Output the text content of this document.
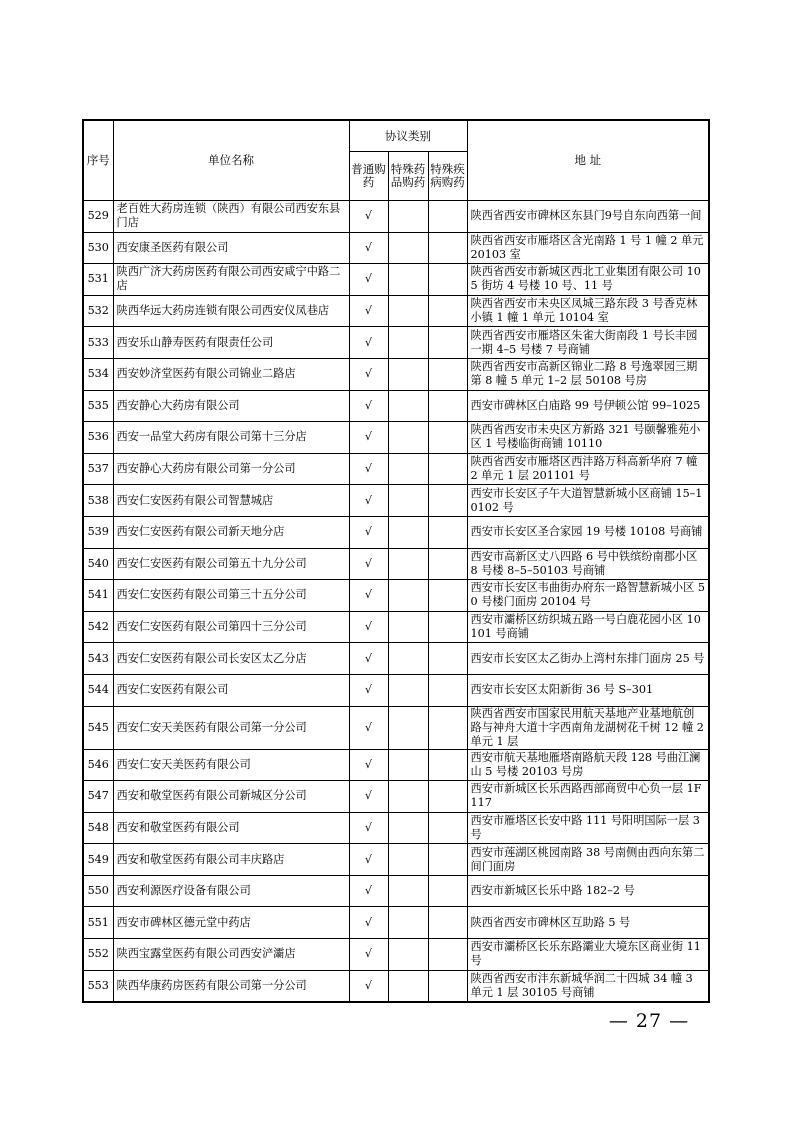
序号	单位名称	协议类别			地 址
		普通购药	特殊药品购药	特殊疾病购药	
529	老百姓大药房连锁（陕西）有限公司西安东县门店	√			陕西省西安市碑林区东县门9号自东向西第一间
530	西安康圣医药有限公司	√			陕西省西安市雁塔区含光南路 1 号 1 幢 2 单元 20103 室
531	陕西广济大药房医药有限公司西安咸宁中路二店	√			陕西省西安市新城区西北工业集团有限公司 105 街坊 4 号楼 10 号、11 号
532	陕西华远大药房连锁有限公司西安仪凤巷店	√			陕西省西安市未央区凤城三路东段 3 号香克林小镇 1 幢 1 单元 10104 室
533	西安乐山静寿医药有限责任公司	√			陕西省西安市雁塔区朱雀大街南段 1 号长丰园一期 4–5 号楼 7 号商铺
534	西安妙济堂医药有限公司锦业二路店	√			陕西省西安市高新区锦业二路 8 号逸翠园三期第 8 幢 5 单元 1–2 层 50108 号房
535	西安静心大药房有限公司	√			西安市碑林区白庙路 99 号伊顿公馆 99–1025
536	西安一品堂大药房有限公司第十三分店	√			陕西省西安市未央区方新路 321 号颐馨雅苑小区 1 号楼临街商铺 10110
537	西安静心大药房有限公司第一分公司	√			陕西省西安市雁塔区西沣路万科高新华府 7 幢 2 单元 1 层 201101 号
538	西安仁安医药有限公司智慧城店	√			西安市长安区子午大道智慧新城小区商铺 15–10102 号
539	西安仁安医药有限公司新天地分店	√			西安市长安区圣合家园 19 号楼 10108 号商铺
540	西安仁安医药有限公司第五十九分公司	√			西安市高新区丈八四路 6 号中铁缤纷南郡小区 8 号楼 8–5–50103 号商铺
541	西安仁安医药有限公司第三十五分公司	√			西安市长安区韦曲街办府东一路智慧新城小区 50 号楼门面房 20104 号
542	西安仁安医药有限公司第四十三分公司	√			西安市灞桥区纺织城五路一号白鹿花园小区 10101 号商铺
543	西安仁安医药有限公司长安区太乙分店	√			西安市长安区太乙街办上湾村东排门面房 25 号
544	西安仁安医药有限公司	√			西安市长安区太阳新街 36 号 S–301
545	西安仁安天美医药有限公司第一分公司	√			陕西省西安市国家民用航天基地产业基地航创路与神舟大道十字西南角龙湖树花千树 12 幢 2 单元 1 层
546	西安仁安天美医药有限公司	√			西安市航天基地雁塔南路航天段 128 号曲江澜山 5 号楼 20103 号房
547	西安和敬堂医药有限公司新城区分公司	√			西安市新城区长乐西路西部商贸中心负一层 1F117
548	西安和敬堂医药有限公司	√			西安市雁塔区长安中路 111 号阳明国际一层 3 号
549	西安和敬堂医药有限公司丰庆路店	√			西安市莲湖区桃园南路 38 号南侧由西向东第二间门面房
550	西安利源医疗设备有限公司	√			西安市新城区长乐中路 182–2 号
551	西安市碑林区德元堂中药店	√			陕西省西安市碑林区互助路 5 号
552	陕西宝露堂医药有限公司西安浐灞店	√			西安市灞桥区长乐东路灞业大境东区商业街 11 号
553	陕西华康药房医药有限公司第一分公司	√			陕西省西安市沣东新城华润二十四城 34 幢 3 单元 1 层 30105 号商铺
— 27 —
